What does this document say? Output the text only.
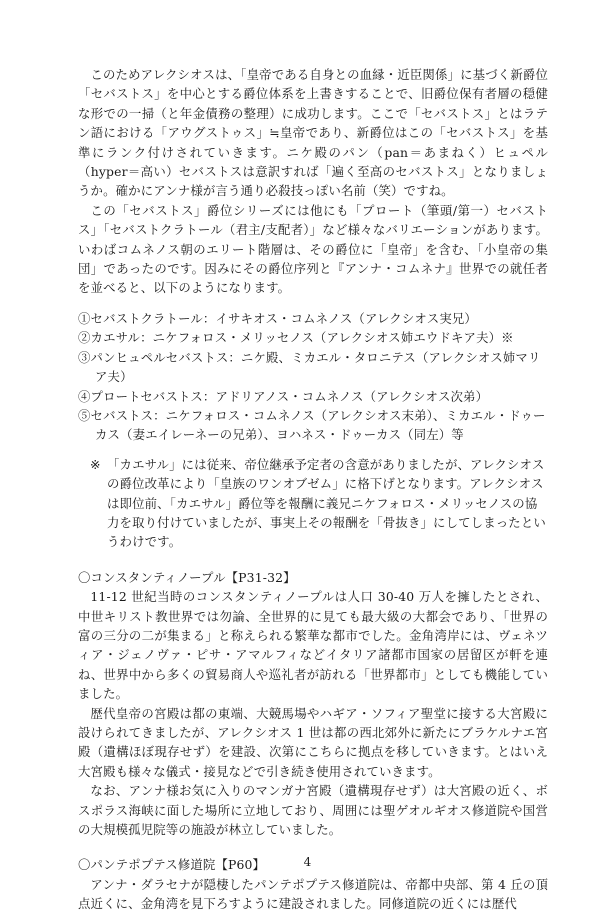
このためアレクシオスは、「皇帝である自身との血縁・近臣関係」に基づく新爵位「セバストス」を中心とする爵位体系を上書きすることで、旧爵位保有者層の穏健な形での一掃（と年金債務の整理）に成功します。ここで「セバストス」とはラテン語における「アウグストゥス」≒皇帝であり、新爵位はこの「セバストス」を基準にランク付けされていきます。ニケ殿のパン（pan＝あまねく）ヒュペル（hyper＝高い）セバストスは意訳すれば「遍く至高のセバストス」となりましょうか。確かにアンナ様が言う通り必殺技っぽい名前（笑）ですね。

この「セバストス」爵位シリーズには他にも「プロート（筆頭/第一）セバストス」「セバストクラトール（君主/支配者）」など様々なバリエーションがあります。いわばコムネノス朝のエリート階層は、その爵位に「皇帝」を含む、「小皇帝の集団」であったのです。因みにその爵位序列と『アンナ・コムネナ』世界での就任者を並べると、以下のようになります。

①セバストクラトール：イサキオス・コムネノス（アレクシオス実兄）
②カエサル：ニケフォロス・メリッセノス（アレクシオス姉エウドキア夫）※
③パンヒュペルセバストス：ニケ殿、ミカエル・タロニテス（アレクシオス姉マリア夫）
④プロートセバストス：アドリアノス・コムネノス（アレクシオス次弟）
⑤セバストス：ニケフォロス・コムネノス（アレクシオス末弟）、ミカエル・ドゥーカス（妻エイレーネーの兄弟）、ヨハネス・ドゥーカス（同左）等
※ 「カエサル」には従来、帝位継承予定者の含意がありましたが、アレクシオスの爵位改革により「皇族のワンオブゼム」に格下げとなります。アレクシオスは即位前、「カエサル」爵位等を報酬に義兄ニケフォロス・メリッセノスの協力を取り付けていましたが、事実上その報酬を「骨抜き」にしてしまったというわけです。
〇コンスタンティノープル【P31-32】

11-12 世紀当時のコンスタンティノープルは人口 30-40 万人を擁したとされ、中世キリスト教世界では勿論、全世界的に見ても最大級の大都会であり、「世界の富の三分の二が集まる」と称えられる繁華な都市でした。金角湾岸には、ヴェネツィア・ジェノヴァ・ピサ・アマルフィなどイタリア諸都市国家の居留区が軒を連ね、世界中から多くの貿易商人や巡礼者が訪れる「世界都市」としても機能していました。

歴代皇帝の宮殿は都の東端、大競馬場やハギア・ソフィア聖堂に接する大宮殿に設けられてきましたが、アレクシオス 1 世は都の西北郊外に新たにブラケルナエ宮殿（遺構ほぼ現存せず）を建設、次第にこちらに拠点を移していきます。とはいえ大宮殿も様々な儀式・接見などで引き続き使用されていきます。

なお、アンナ様お気に入りのマンガナ宮殿（遺構現存せず）は大宮殿の近く、ボスポラス海峡に面した場所に立地しており、周囲には聖ゲオルギオス修道院や国営の大規模孤児院等の施設が林立していました。

〇パンテポプテス修道院【P60】

アンナ・ダラセナが隠棲したパンテポプテス修道院は、帝都中央部、第 4 丘の頂点近くに、金角湾を見下ろすように建設されました。同修道院の近くには歴代

4
